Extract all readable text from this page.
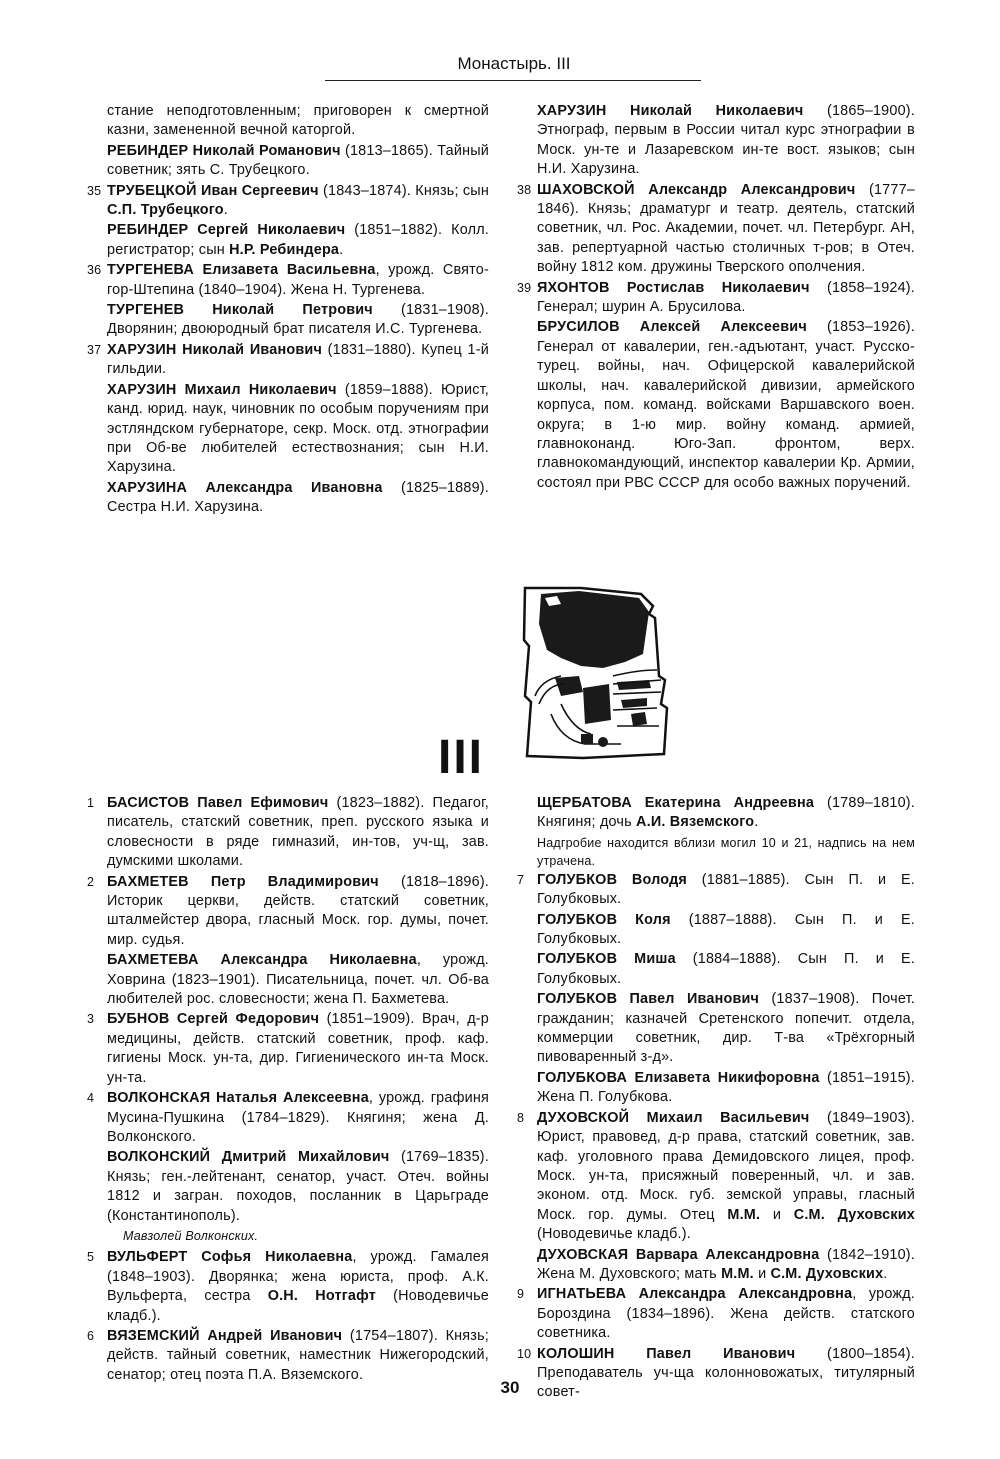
Монастырь. III
стание неподготовленным; приговорен к смертной казни, замененной вечной каторгой.
РЕБИНДЕР Николай Романович (1813–1865). Тайный советник; зять С. Трубецкого.
35 ТРУБЕЦКОЙ Иван Сергеевич (1843–1874). Князь; сын С.П. Трубецкого.
РЕБИНДЕР Сергей Николаевич (1851–1882). Колл. регистратор; сын Н.Р. Ребиндера.
36 ТУРГЕНЕВА Елизавета Васильевна, урожд. Свято-гор-Штепина (1840–1904). Жена Н. Тургенева.
ТУРГЕНЕВ Николай Петрович (1831–1908). Дворянин; двоюродный брат писателя И.С. Тургенева.
37 ХАРУЗИН Николай Иванович (1831–1880). Купец 1-й гильдии.
ХАРУЗИН Михаил Николаевич (1859–1888). Юрист, канд. юрид. наук, чиновник по особым поручениям при эстляндском губернаторе, секр. Моск. отд. этнографии при Об-ве любителей естествознания; сын Н.И. Харузина.
ХАРУЗИНА Александра Ивановна (1825–1889). Сестра Н.И. Харузина.
ХАРУЗИН Николай Николаевич (1865–1900). Этнограф, первым в России читал курс этнографии в Моск. ун-те и Лазаревском ин-те вост. языков; сын Н.И. Харузина.
38 ШАХОВСКОЙ Александр Александрович (1777–1846). Князь; драматург и театр. деятель, статский советник, чл. Рос. Академии, почет. чл. Петербург. АН, зав. репертуарной частью столичных т-ров; в Отеч. войну 1812 ком. дружины Тверского ополчения.
39 ЯХОНТОВ Ростислав Николаевич (1858–1924). Генерал; шурин А. Брусилова.
БРУСИЛОВ Алексей Алексеевич (1853–1926). Генерал от кавалерии, ген.-адъютант, участ. Русско-турец. войны, нач. Офицерской кавалерийской школы, нач. кавалерийской дивизии, армейского корпуса, пом. команд. войсками Варшавского воен. округа; в 1-ю мир. войну команд. армией, главноконанд. Юго-Зап. фронтом, верх. главнокомандующий, инспектор кавалерии Кр. Армии, состоял при РВС СССР для особо важных поручений.
III
1 БАСИСТОВ Павел Ефимович (1823–1882). Педагог, писатель, статский советник, преп. русского языка и словесности в ряде гимназий, ин-тов, уч-щ, зав. думскими школами.
2 БАХМЕТЕВ Петр Владимирович (1818–1896). Историк церкви, действ. статский советник, шталмейстер двора, гласный Моск. гор. думы, почет. мир. судья.
БАХМЕТЕВА Александра Николаевна, урожд. Ховрина (1823–1901). Писательница, почет. чл. Об-ва любителей рос. словесности; жена П. Бахметева.
3 БУБНОВ Сергей Федорович (1851–1909). Врач, д-р медицины, действ. статский советник, проф. каф. гигиены Моск. ун-та, дир. Гигиенического ин-та Моск. ун-та.
4 ВОЛКОНСКАЯ Наталья Алексеевна, урожд. графиня Мусина-Пушкина (1784–1829). Княгиня; жена Д. Волконского.
ВОЛКОНСКИЙ Дмитрий Михайлович (1769–1835). Князь; ген.-лейтенант, сенатор, участ. Отеч. войны 1812 и загран. походов, посланник в Царьграде (Константинополь).
Мавзолей Волконских.
5 ВУЛЬФЕРТ Софья Николаевна, урожд. Гамалея (1848–1903). Дворянка; жена юриста, проф. А.К. Вульферта, сестра О.Н. Нотгафт (Новодевичье кладб.).
6 ВЯЗЕМСКИЙ Андрей Иванович (1754–1807). Князь; действ. тайный советник, наместник Нижегородский, сенатор; отец поэта П.А. Вяземского.
ЩЕРБАТОВА Екатерина Андреевна (1789–1810). Княгиня; дочь А.И. Вяземского.
Надгробие находится вблизи могил 10 и 21, надпись на нем утрачена.
7 ГОЛУБКОВ Володя (1881–1885). Сын П. и Е. Голубковых.
ГОЛУБКОВ Коля (1887–1888). Сын П. и Е. Голубковых.
ГОЛУБКОВ Миша (1884–1888). Сын П. и Е. Голубковых.
ГОЛУБКОВ Павел Иванович (1837–1908). Почет. гражданин; казначей Сретенского попечит. отдела, коммерции советник, дир. Т-ва «Трёхгорный пивоваренный з-д».
ГОЛУБКОВА Елизавета Никифоровна (1851–1915). Жена П. Голубкова.
8 ДУХОВСКОЙ Михаил Васильевич (1849–1903). Юрист, правовед, д-р права, статский советник, зав. каф. уголовного права Демидовского лицея, проф. Моск. ун-та, присяжный поверенный, чл. и зав. эконом. отд. Моск. губ. земской управы, гласный Моск. гор. думы. Отец М.М. и С.М. Духовских (Новодевичье кладб.).
ДУХОВСКАЯ Варвара Александровна (1842–1910). Жена М. Духовского; мать М.М. и С.М. Духовских.
9 ИГНАТЬЕВА Александра Александровна, урожд. Бороздина (1834–1896). Жена действ. статского советника.
10 КОЛОШИН Павел Иванович (1800–1854). Преподаватель уч-ща колонновожатых, титулярный совет-
30
